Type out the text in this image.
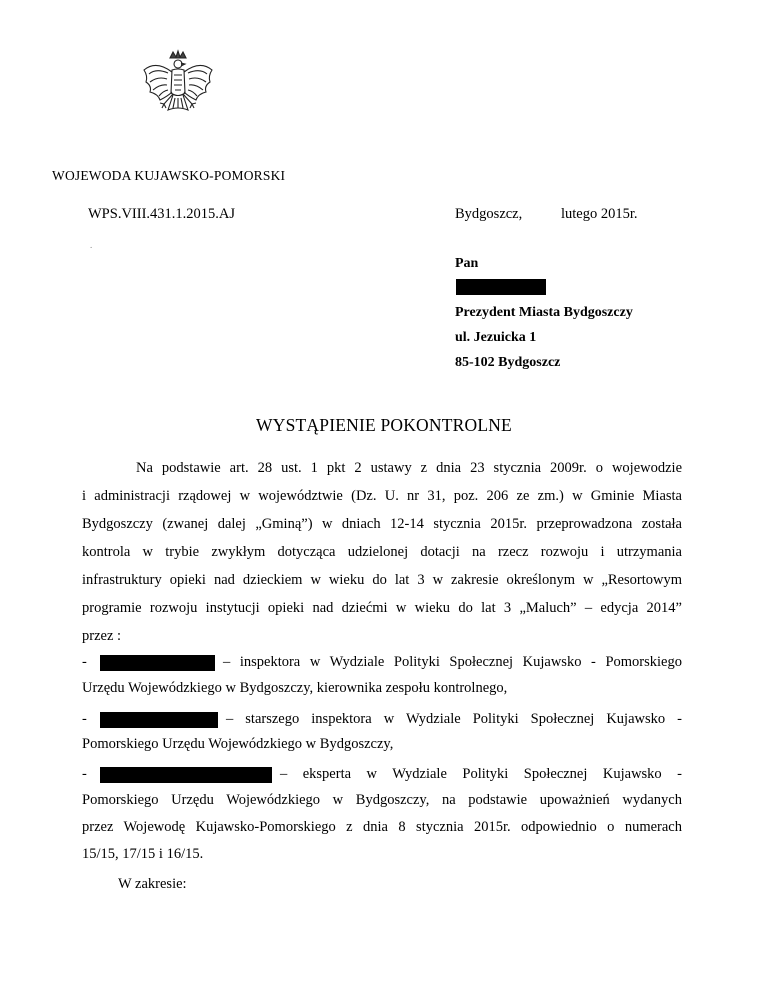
WOJEWODA KUJAWSKO-POMORSKI
WPS.VIII.431.1.2015.AJ	Bydgoszcz,	lutego 2015r.
.
Pan
Prezydent Miasta Bydgoszczy
ul. Jezuicka 1
85-102 Bydgoszcz
WYSTĄPIENIE POKONTROLNE
Na podstawie art. 28 ust. 1 pkt 2 ustawy z dnia 23 stycznia 2009r. o wojewodzie
i administracji rządowej w województwie (Dz. U. nr 31, poz. 206 ze zm.) w Gminie Miasta
Bydgoszczy (zwanej dalej „Gminą”) w dniach 12-14 stycznia 2015r. przeprowadzona została
kontrola w trybie zwykłym dotycząca udzielonej dotacji na rzecz rozwoju i utrzymania
infrastruktury opieki nad dzieckiem w wieku do lat 3 w zakresie określonym w „Resortowym
programie rozwoju instytucji opieki nad dziećmi w wieku do lat 3 „Maluch” – edycja 2014”
przez :
-	– inspektora w Wydziale Polityki Społecznej Kujawsko - Pomorskiego
Urzędu Wojewódzkiego w Bydgoszczy, kierownika zespołu kontrolnego,
-	– starszego inspektora w Wydziale Polityki Społecznej Kujawsko -
Pomorskiego Urzędu Wojewódzkiego w Bydgoszczy,
-	– eksperta w Wydziale Polityki Społecznej Kujawsko -
Pomorskiego Urzędu Wojewódzkiego w Bydgoszczy, na podstawie upoważnień wydanych
przez Wojewodę Kujawsko-Pomorskiego z dnia 8 stycznia 2015r. odpowiednio o numerach
15/15, 17/15 i 16/15.
W zakresie:
